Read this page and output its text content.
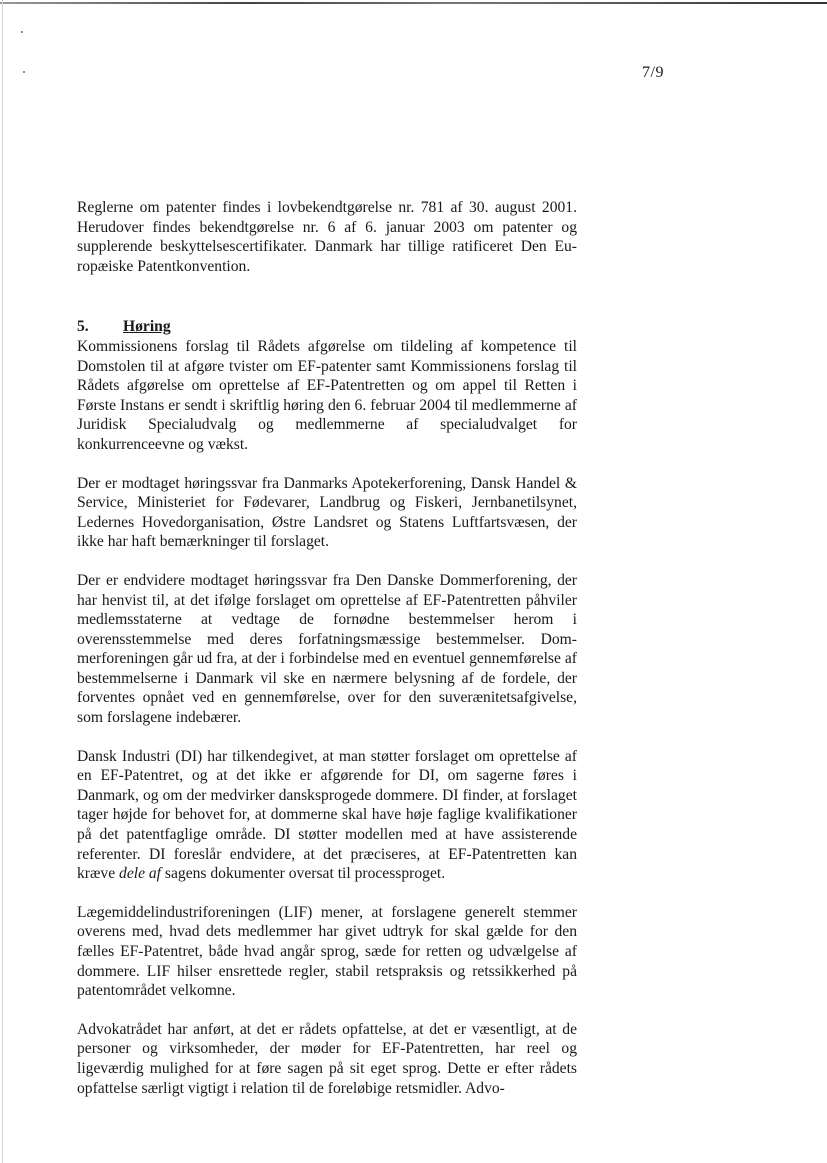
7/9

Reglerne om patenter findes i lovbekendtgørelse nr. 781 af 30. august 2001. Herudover findes bekendtgørelse nr. 6 af 6. januar 2003 om patenter og supplerende beskyttelsescertifikater. Danmark har tillige ratificeret Den Europæiske Patentkonvention.

5. Høring

Kommissionens forslag til Rådets afgørelse om tildeling af kompetence til Domstolen til at afgøre tvister om EF-patenter samt Kommissionens forslag til Rådets afgørelse om oprettelse af EF-Patentretten og om appel til Retten i Første Instans er sendt i skriftlig høring den 6. februar 2004 til medlemmerne af Juridisk Specialudvalg og medlemmerne af specialudvalget for konkurrenceevne og vækst.

Der er modtaget høringssvar fra Danmarks Apotekerforening, Dansk Handel & Service, Ministeriet for Fødevarer, Landbrug og Fiskeri, Jernbanetilsynet, Ledernes Hovedorganisation, Østre Landsret og Statens Luftfartsvæsen, der ikke har haft bemærkninger til forslaget.

Der er endvidere modtaget høringssvar fra Den Danske Dommerforening, der har henvist til, at det ifølge forslaget om oprettelse af EF-Patentretten påhviler medlemsstaterne at vedtage de fornødne bestemmelser herom i overensstemmelse med deres forfatningsmæssige bestemmelser. Dommerforeningen går ud fra, at der i forbindelse med en eventuel gennemførelse af bestemmelserne i Danmark vil ske en nærmere belysning af de fordele, der forventes opnået ved en gennemførelse, over for den suverænitetsafgivelse, som forslagene indebærer.

Dansk Industri (DI) har tilkendegivet, at man støtter forslaget om oprettelse af en EF-Patentret, og at det ikke er afgørende for DI, om sagerne føres i Danmark, og om der medvirker dansksprogede dommere. DI finder, at forslaget tager højde for behovet for, at dommerne skal have høje faglige kvalifikationer på det patentfaglige område. DI støtter modellen med at have assisterende referenter. DI foreslår endvidere, at det præciseres, at EF-Patentretten kan kræve dele af sagens dokumenter oversat til processproget.

Lægemiddelindustriforeningen (LIF) mener, at forslagene generelt stemmer overens med, hvad dets medlemmer har givet udtryk for skal gælde for den fælles EF-Patentret, både hvad angår sprog, sæde for retten og udvælgelse af dommere. LIF hilser ensrettede regler, stabil retspraksis og retssikkerhed på patentområdet velkomne.

Advokatrådet har anført, at det er rådets opfattelse, at det er væsentligt, at de personer og virksomheder, der møder for EF-Patentretten, har reel og ligeværdig mulighed for at føre sagen på sit eget sprog. Dette er efter rådets opfattelse særligt vigtigt i relation til de foreløbige retsmidler. Advo-
